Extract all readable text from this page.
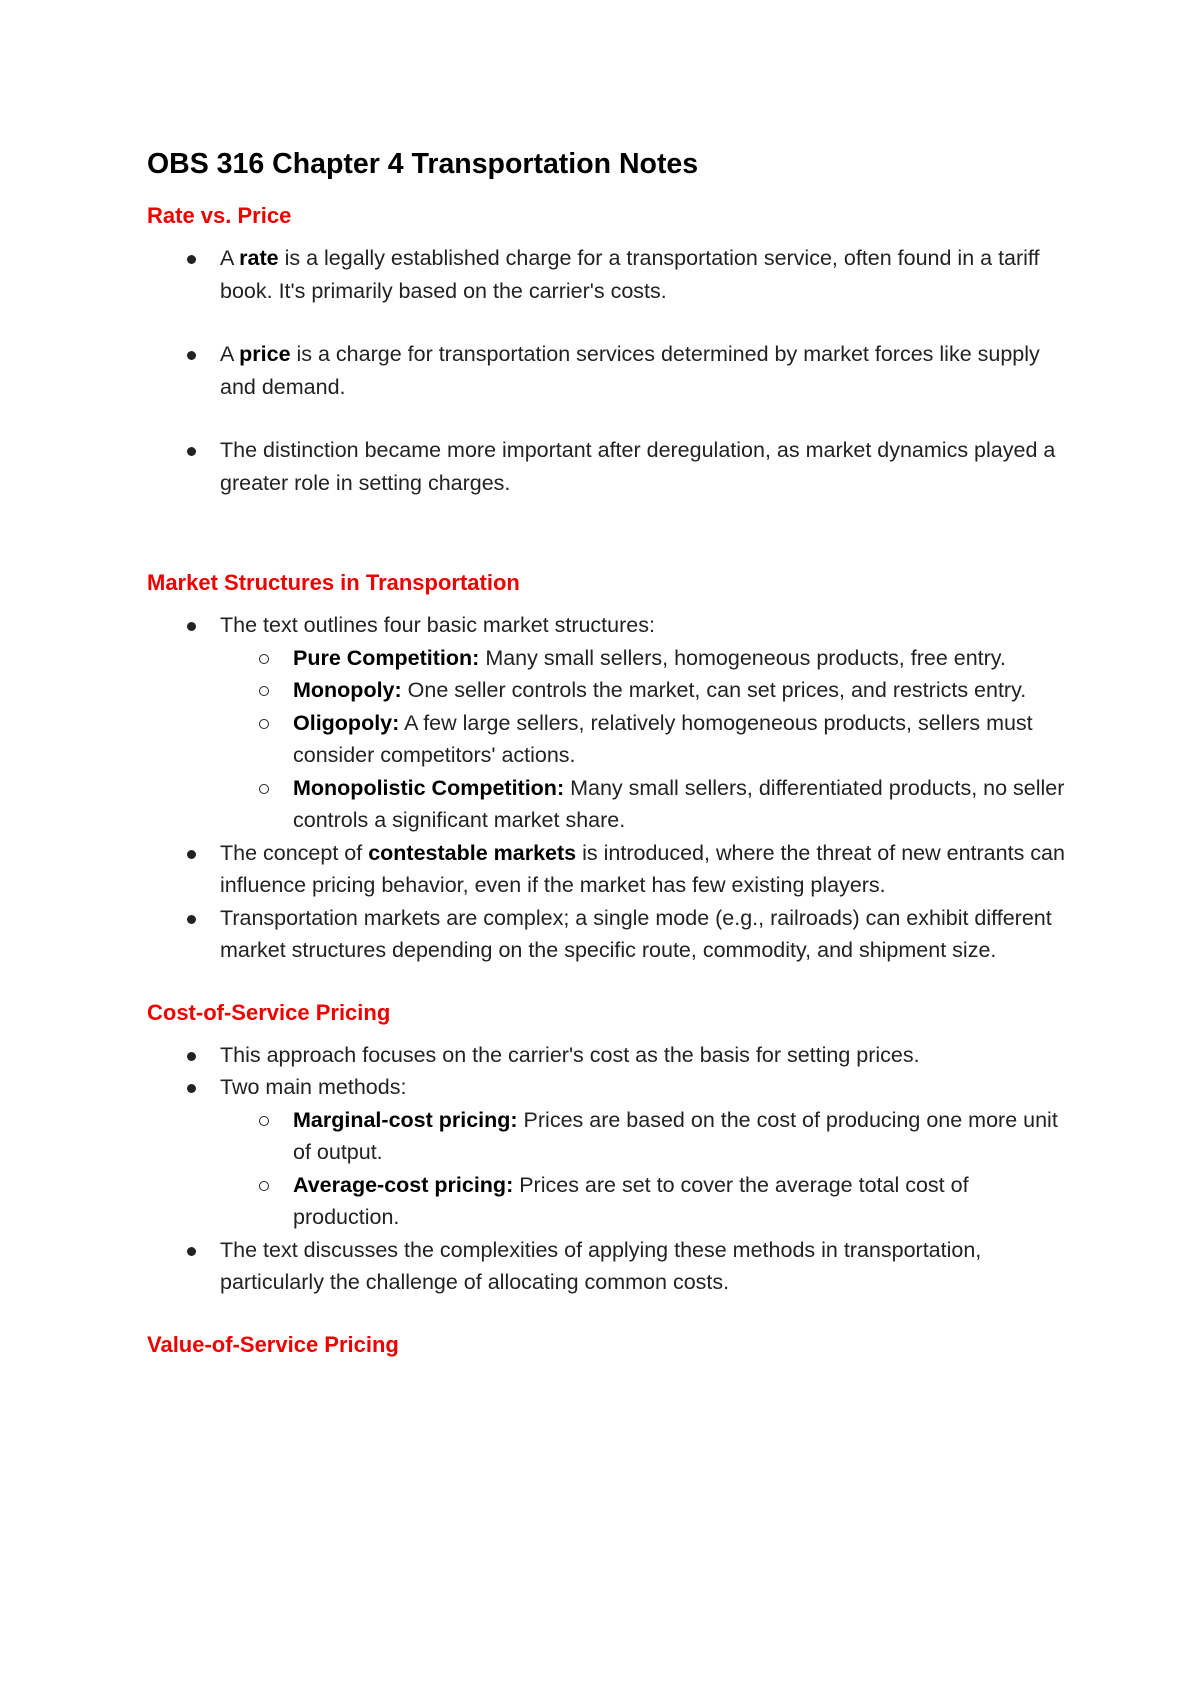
OBS 316 Chapter 4 Transportation Notes
Rate vs. Price
A rate is a legally established charge for a transportation service, often found in a tariff book. It's primarily based on the carrier's costs.
A price is a charge for transportation services determined by market forces like supply and demand.
The distinction became more important after deregulation, as market dynamics played a greater role in setting charges.
Market Structures in Transportation
The text outlines four basic market structures:
Pure Competition: Many small sellers, homogeneous products, free entry.
Monopoly: One seller controls the market, can set prices, and restricts entry.
Oligopoly: A few large sellers, relatively homogeneous products, sellers must consider competitors' actions.
Monopolistic Competition: Many small sellers, differentiated products, no seller controls a significant market share.
The concept of contestable markets is introduced, where the threat of new entrants can influence pricing behavior, even if the market has few existing players.
Transportation markets are complex; a single mode (e.g., railroads) can exhibit different market structures depending on the specific route, commodity, and shipment size.
Cost-of-Service Pricing
This approach focuses on the carrier's cost as the basis for setting prices.
Two main methods:
Marginal-cost pricing: Prices are based on the cost of producing one more unit of output.
Average-cost pricing: Prices are set to cover the average total cost of production.
The text discusses the complexities of applying these methods in transportation, particularly the challenge of allocating common costs.
Value-of-Service Pricing
